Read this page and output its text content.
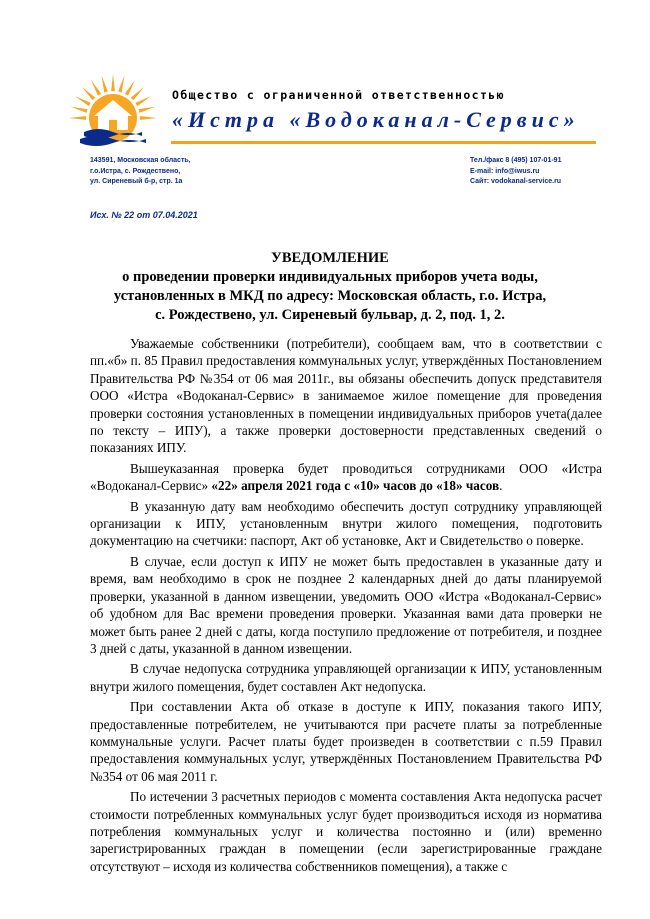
Общество с ограниченной ответственностью
«Истра «Водоканал-Сервис»
143591, Московская область,
г.о.Истра, с. Рождествено,
ул. Сиреневый б-р, стр. 1а
Тел./факс 8 (495) 107-01-91
E-mail: info@iwus.ru
Сайт: vodokanal-service.ru
Исх. № 22 от 07.04.2021
УВЕДОМЛЕНИЕ
о проведении проверки индивидуальных приборов учета воды,
установленных в МКД по адресу: Московская область, г.о. Истра,
с. Рождествено, ул. Сиреневый бульвар, д. 2, под. 1, 2.

Уважаемые собственники (потребители), сообщаем вам, что в соответствии с пп.«б» п. 85 Правил предоставления коммунальных услуг, утверждённых Постановлением Правительства РФ №354 от 06 мая 2011г., вы обязаны обеспечить допуск представителя ООО «Истра «Водоканал-Сервис» в занимаемое жилое помещение для проведения проверки состояния установленных в помещении индивидуальных приборов учета(далее по тексту – ИПУ), а также проверки достоверности представленных сведений о показаниях ИПУ.

Вышеуказанная проверка будет проводиться сотрудниками ООО «Истра «Водоканал-Сервис» «22» апреля 2021 года с «10» часов до «18» часов.

В указанную дату вам необходимо обеспечить доступ сотруднику управляющей организации к ИПУ, установленным внутри жилого помещения, подготовить документацию на счетчики: паспорт, Акт об установке, Акт и Свидетельство о поверке.

В случае, если доступ к ИПУ не может быть предоставлен в указанные дату и время, вам необходимо в срок не позднее 2 календарных дней до даты планируемой проверки, указанной в данном извещении, уведомить ООО «Истра «Водоканал-Сервис» об удобном для Вас времени проведения проверки. Указанная вами дата проверки не может быть ранее 2 дней с даты, когда поступило предложение от потребителя, и позднее 3 дней с даты, указанной в данном извещении.

В случае недопуска сотрудника управляющей организации к ИПУ, установленным внутри жилого помещения, будет составлен Акт недопуска.

При составлении Акта об отказе в доступе к ИПУ, показания такого ИПУ, предоставленные потребителем, не учитываются при расчете платы за потребленные коммунальные услуги. Расчет платы будет произведен в соответствии с п.59 Правил предоставления коммунальных услуг, утверждённых Постановлением Правительства РФ №354 от 06 мая 2011 г.

По истечении 3 расчетных периодов с момента составления Акта недопуска расчет стоимости потребленных коммунальных услуг будет производиться исходя из норматива потребления коммунальных услуг и количества постоянно и (или) временно зарегистрированных граждан в помещении (если зарегистрированные граждане отсутствуют – исходя из количества собственников помещения), а также с
